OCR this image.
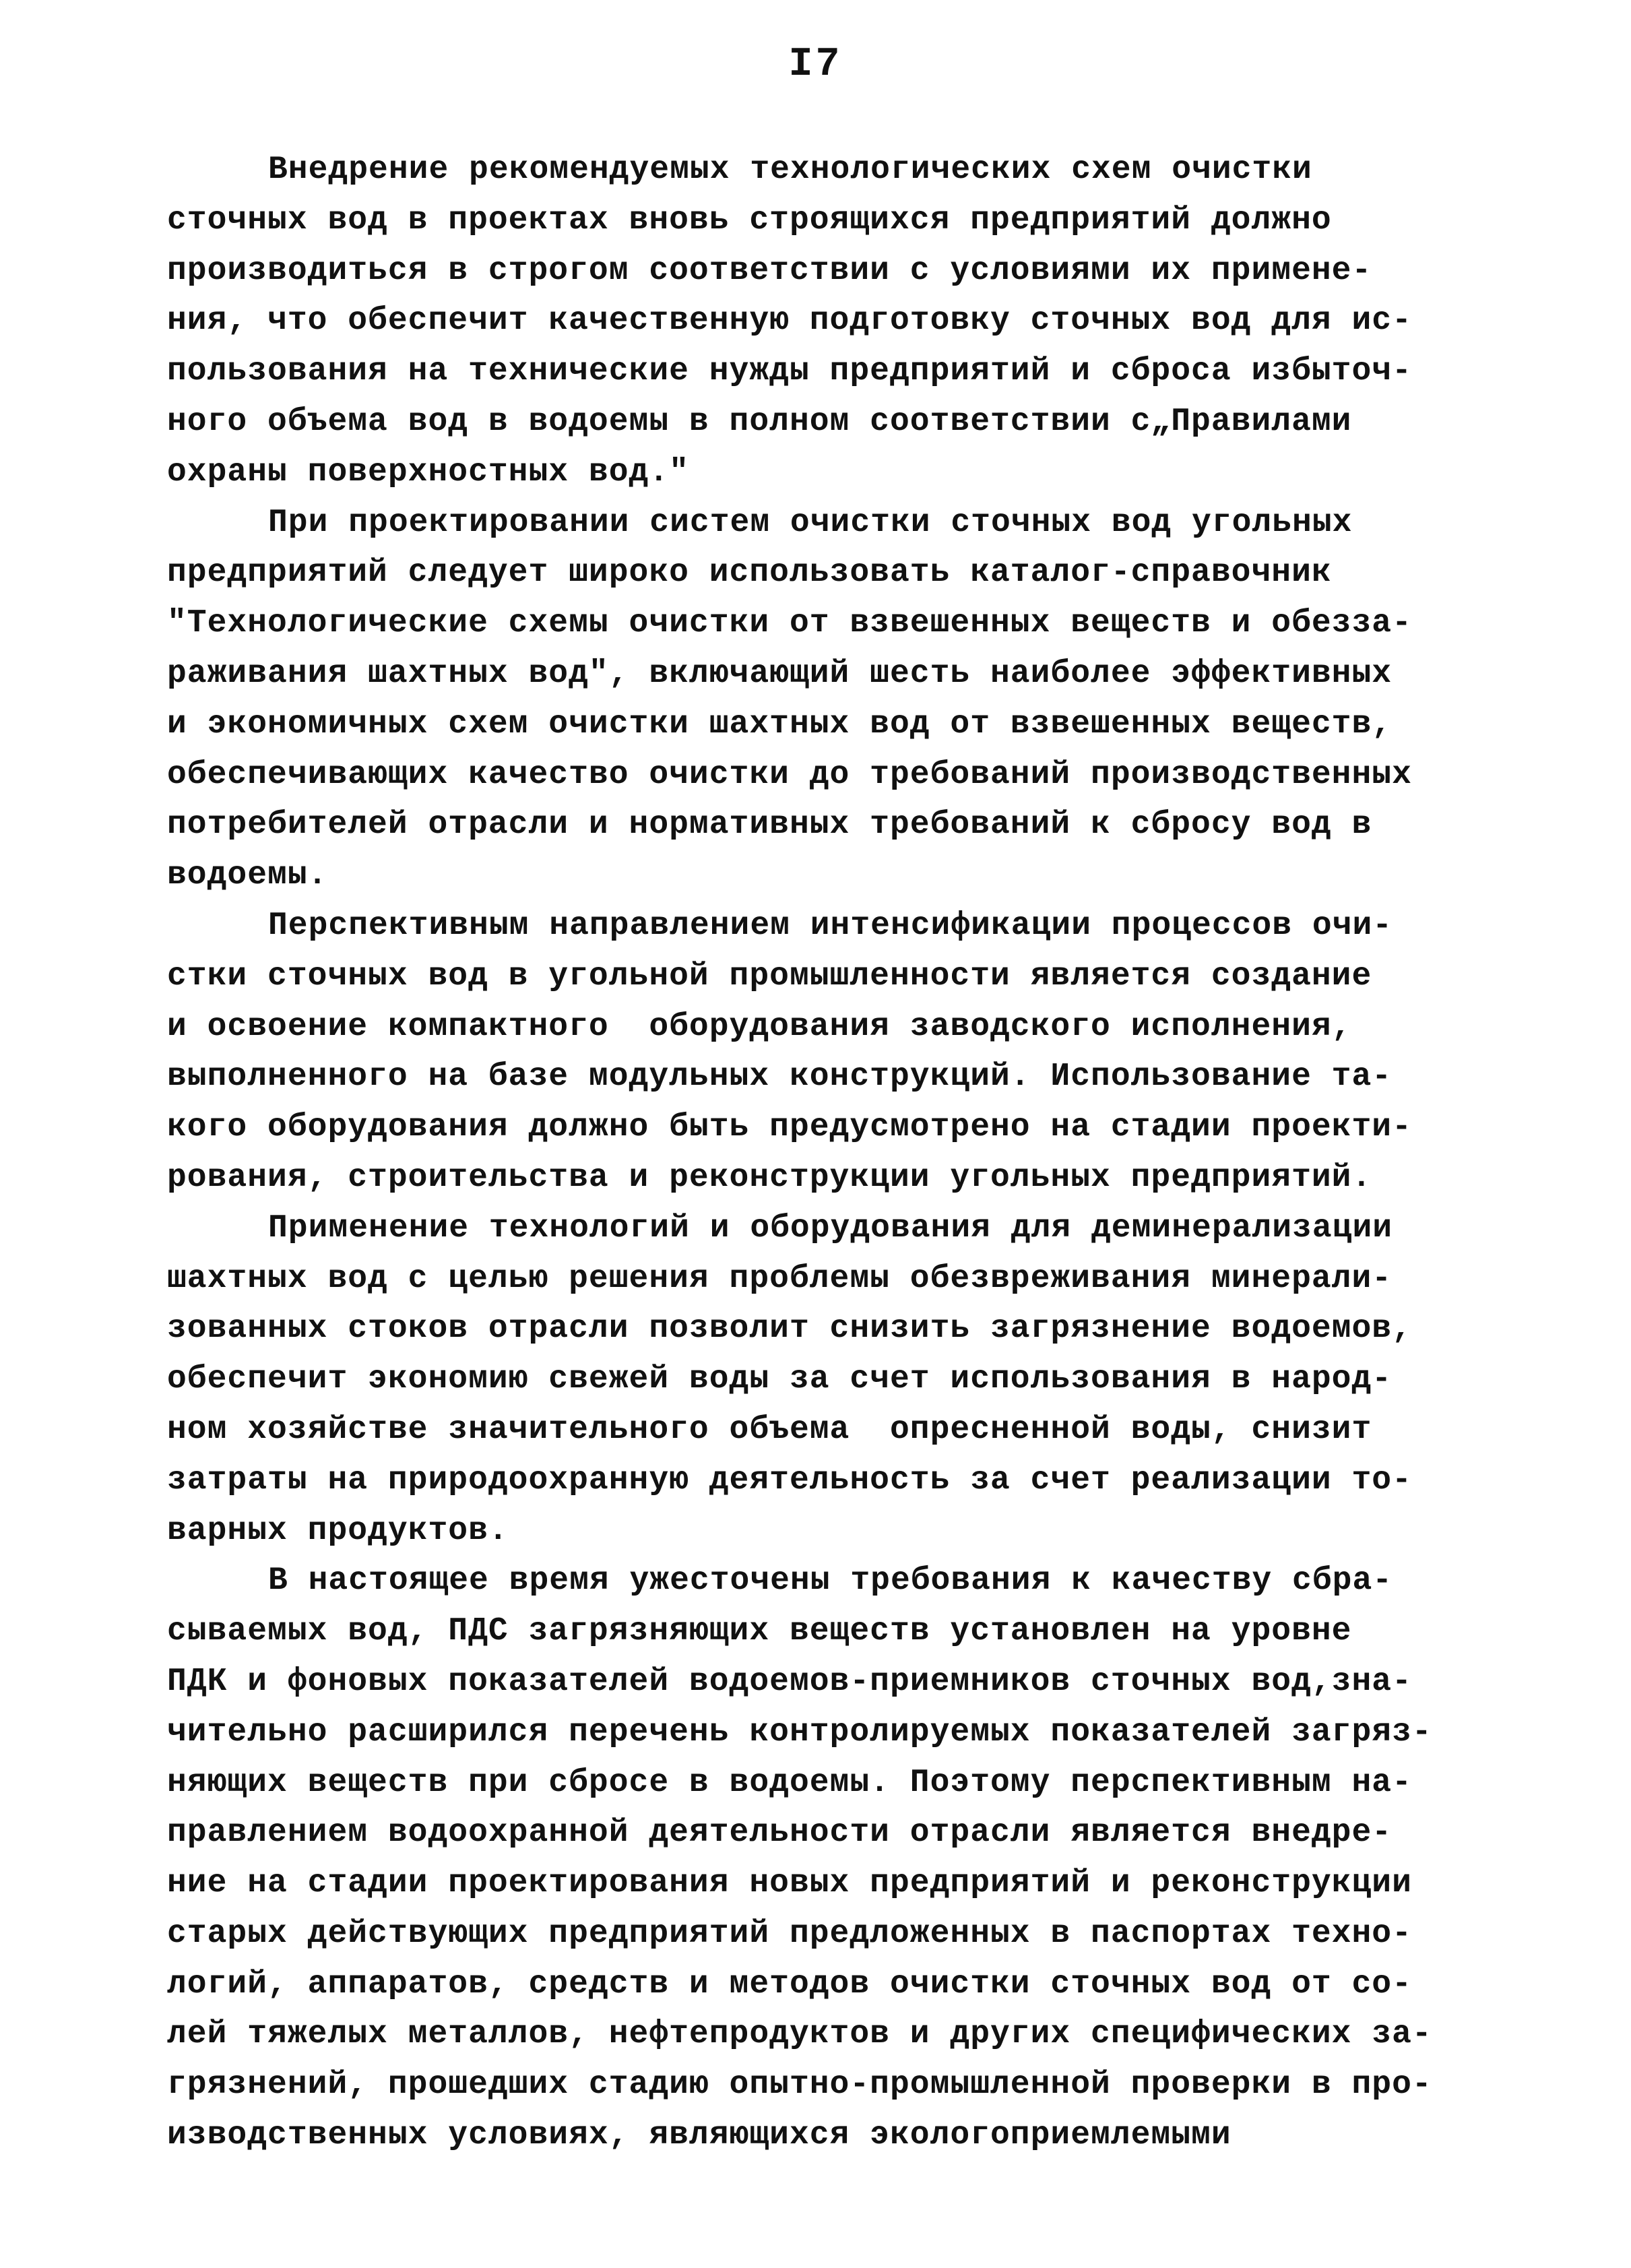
I7
Внедрение рекомендуемых технологических схем очистки
сточных вод в проектах вновь строящихся предприятий должно
производиться в строгом соответствии с условиями их примене-
ния, что обеспечит качественную подготовку сточных вод для ис-
пользования на технические нужды предприятий и сброса избыточ-
ного объема вод в водоемы в полном соответствии с„Правилами
охраны поверхностных вод."
При проектировании систем очистки сточных вод угольных
предприятий следует широко использовать каталог-справочник
"Технологические схемы очистки от взвешенных веществ и обезза-
раживания шахтных вод", включающий шесть наиболее эффективных
и экономичных схем очистки шахтных вод от взвешенных веществ,
обеспечивающих качество очистки до требований производственных
потребителей отрасли и нормативных требований к сбросу вод в
водоемы.
Перспективным направлением интенсификации процессов очи-
стки сточных вод в угольной промышленности является создание
и освоение компактного  оборудования заводского исполнения,
выполненного на базе модульных конструкций. Использование та-
кого оборудования должно быть предусмотрено на стадии проекти-
рования, строительства и реконструкции угольных предприятий.
Применение технологий и оборудования для деминерализации
шахтных вод с целью решения проблемы обезвреживания минерали-
зованных стоков отрасли позволит снизить загрязнение водоемов,
обеспечит экономию свежей воды за счет использования в народ-
ном хозяйстве значительного объема  опресненной воды, снизит
затраты на природоохранную деятельность за счет реализации то-
варных продуктов.
В настоящее время ужесточены требования к качеству сбра-
сываемых вод, ПДС загрязняющих веществ установлен на уровне
ПДК и фоновых показателей водоемов-приемников сточных вод,зна-
чительно расширился перечень контролируемых показателей загряз-
няющих веществ при сбросе в водоемы. Поэтому перспективным на-
правлением водоохранной деятельности отрасли является внедре-
ние на стадии проектирования новых предприятий и реконструкции
старых действующих предприятий предложенных в паспортах техно-
логий, аппаратов, средств и методов очистки сточных вод от со-
лей тяжелых металлов, нефтепродуктов и других специфических за-
грязнений, прошедших стадию опытно-промышленной проверки в про-
изводственных условиях, являющихся экологоприемлемыми
